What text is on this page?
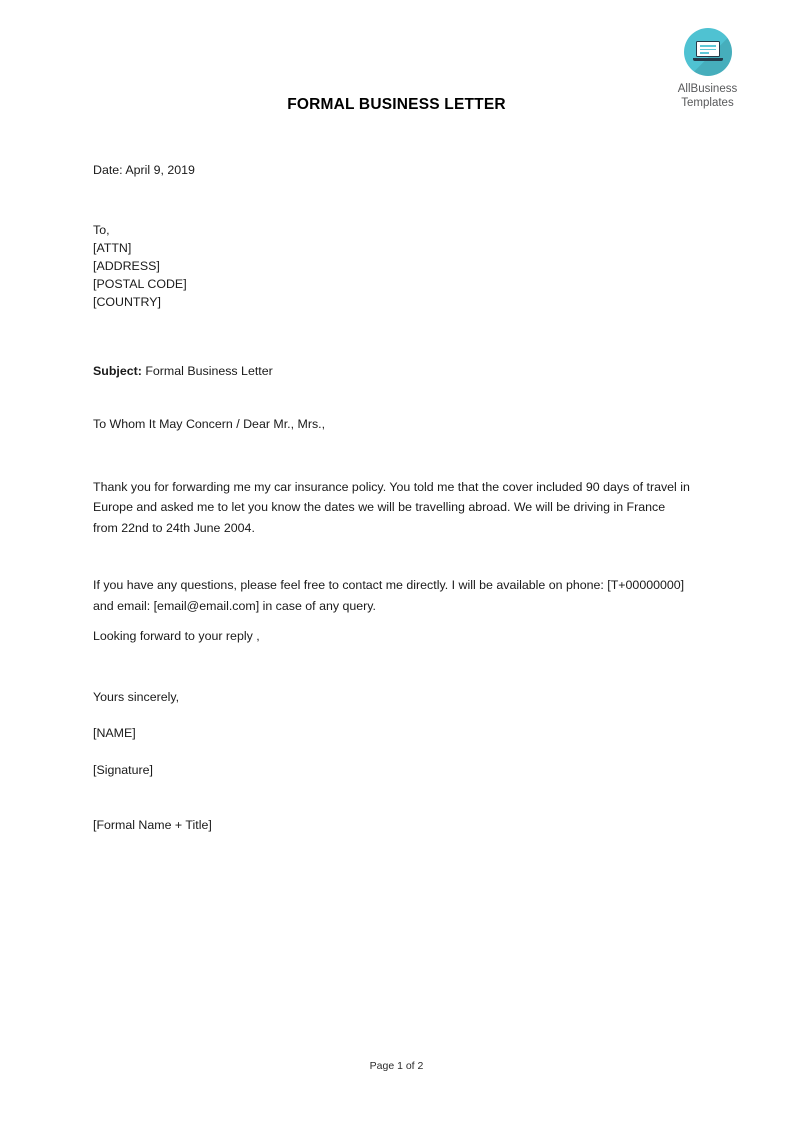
AllBusiness
Templates
FORMAL BUSINESS LETTER
Date: April 9, 2019
To,
[ATTN]
[ADDRESS]
[POSTAL CODE]
[COUNTRY]
Subject: Formal Business Letter
To Whom It May Concern / Dear Mr., Mrs.,
Thank you for forwarding me my car insurance policy. You told me that the cover included 90 days of travel in Europe and asked me to let you know the dates we will be travelling abroad. We will be driving in France from 22nd to 24th June 2004.
If you have any questions, please feel free to contact me directly. I will be available on phone: [T+00000000] and email: [email@email.com] in case of any query.
Looking forward to your reply ,
Yours sincerely,
[NAME]
[Signature]
[Formal Name + Title]
Page 1 of 2
